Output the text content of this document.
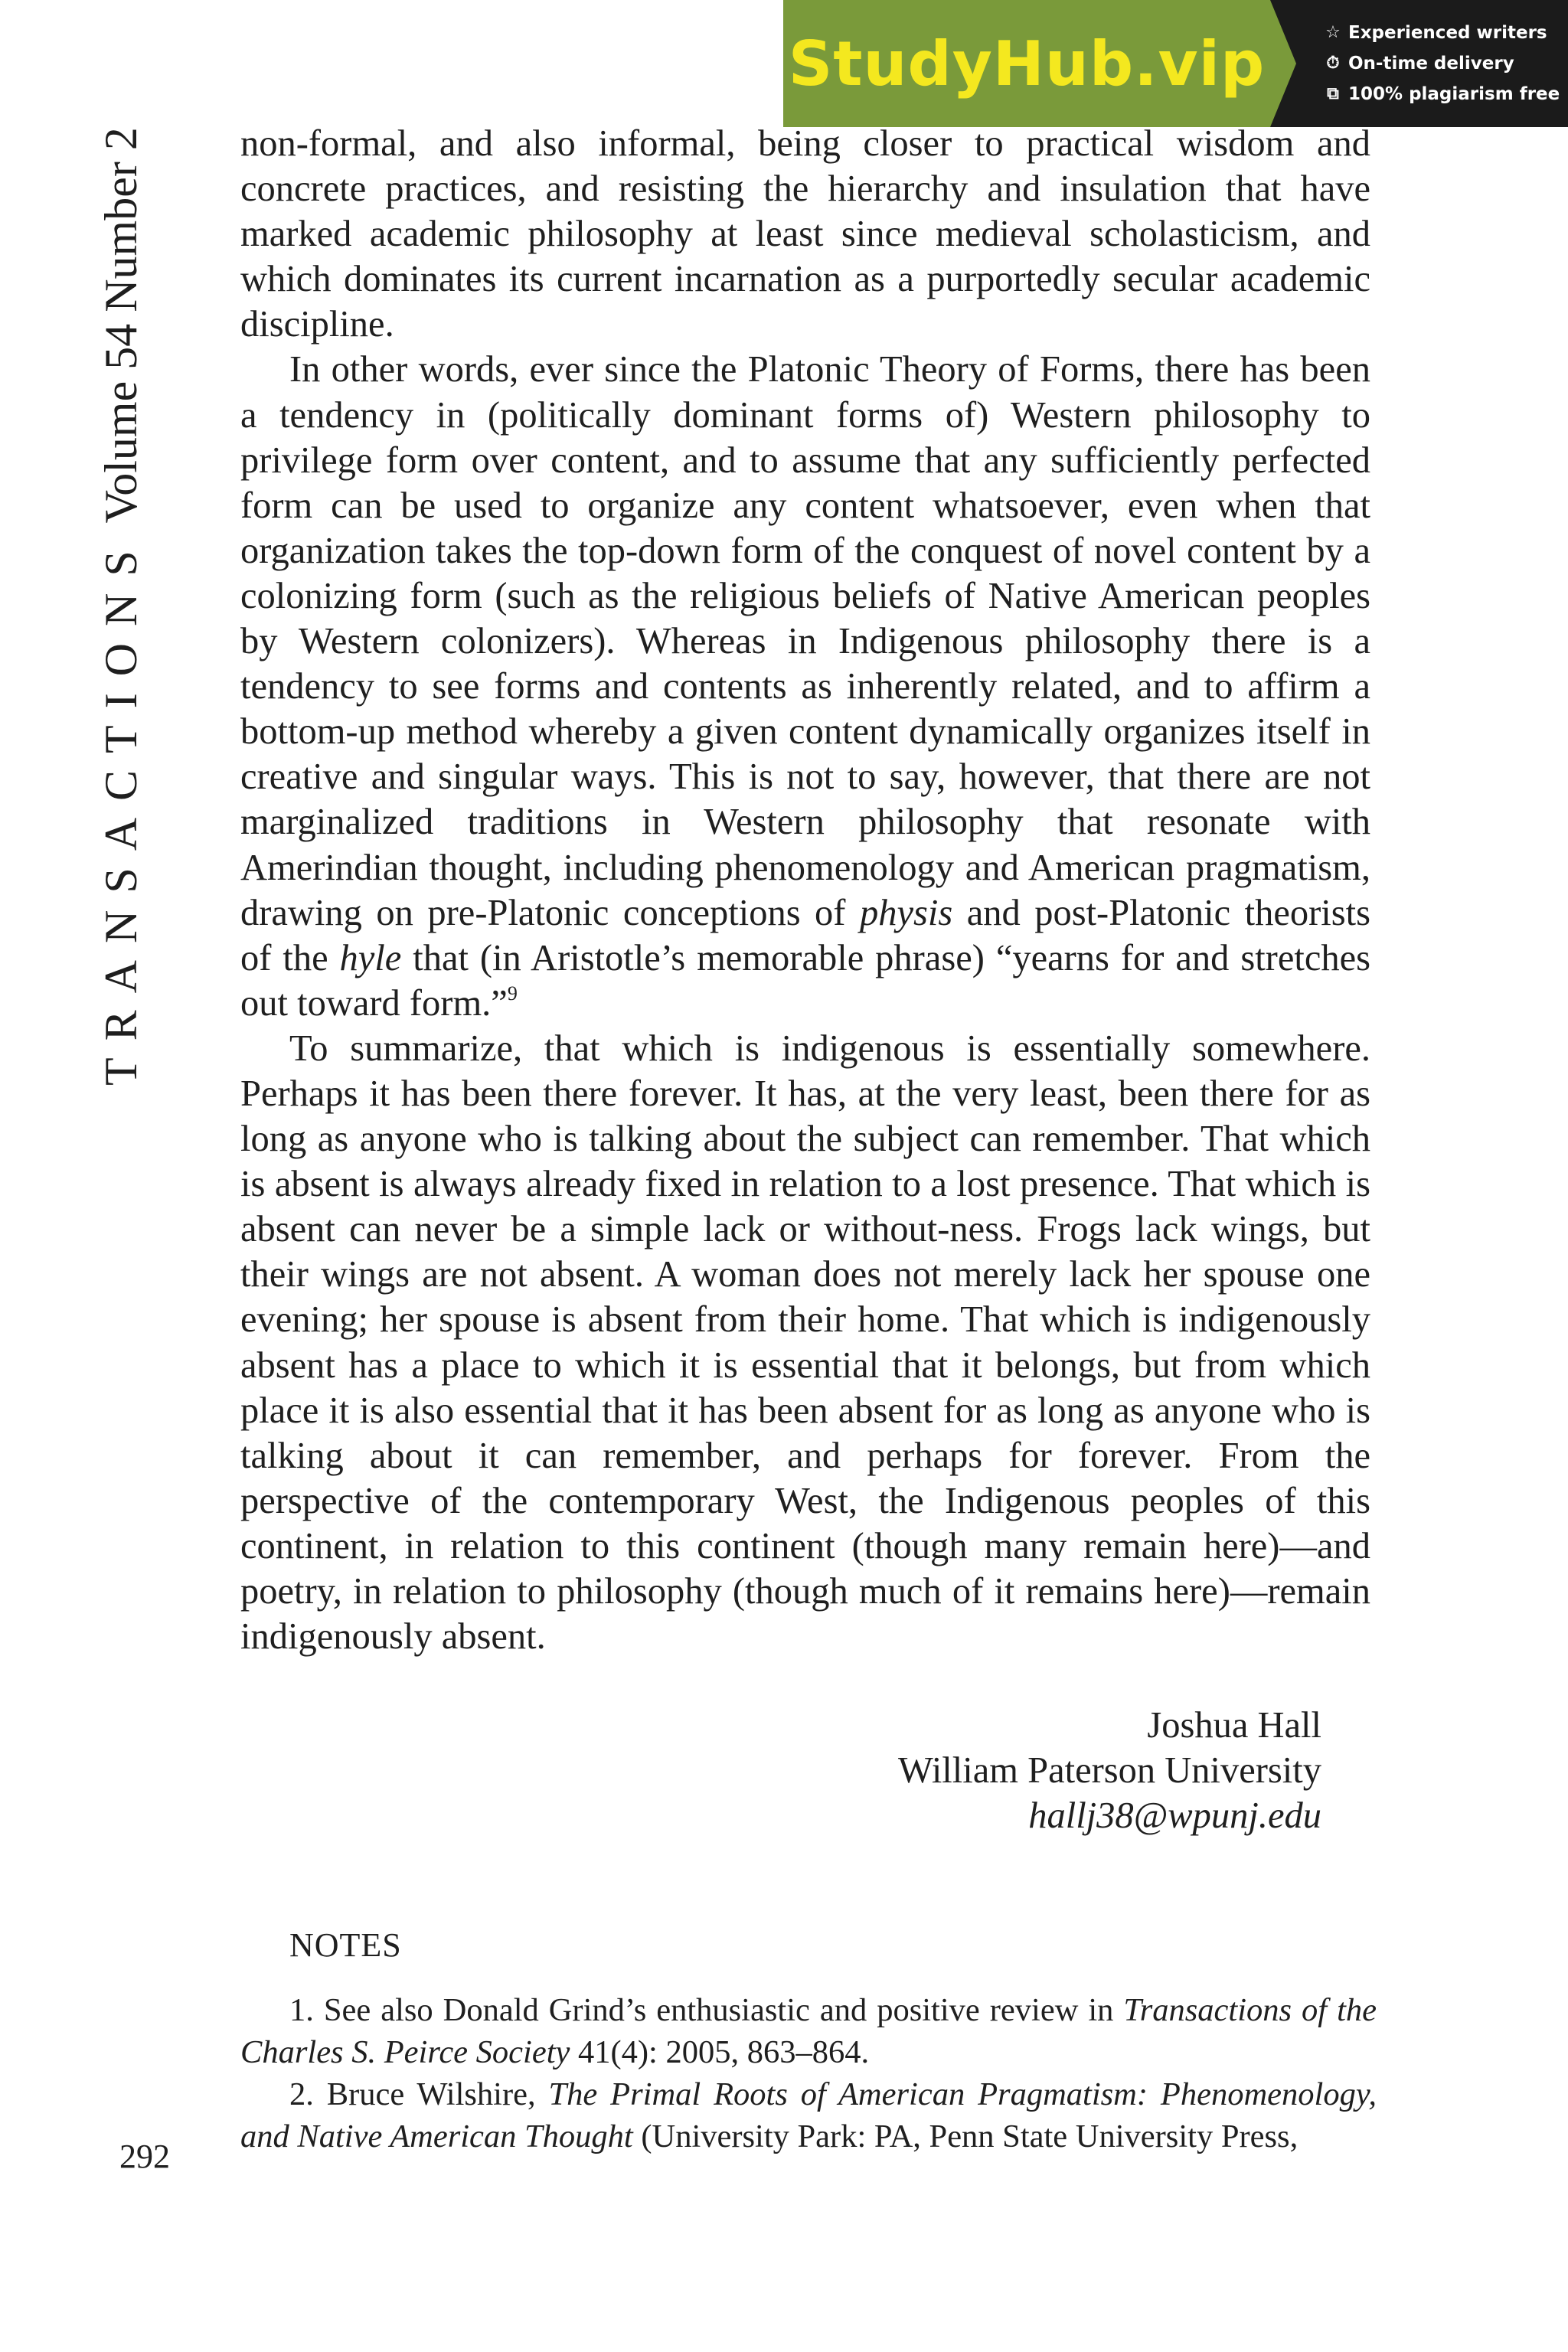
StudyHub.vip	☆ Experienced writers
⏱ On-time delivery
⧉ 100% plagiarism free
TRANSACTIONS Volume 54 Number 2	non-formal, and also informal, being closer to practical wisdom and concrete practices, and resisting the hierarchy and insulation that have marked academic philosophy at least since medieval scholasticism, and which dominates its current incarnation as a purportedly secular academic discipline.

In other words, ever since the Platonic Theory of Forms, there has been a tendency in (politically dominant forms of) Western philosophy to privilege form over content, and to assume that any sufficiently perfected form can be used to organize any content whatsoever, even when that organization takes the top-down form of the conquest of novel content by a colonizing form (such as the religious beliefs of Native American peoples by Western colonizers). Whereas in Indigenous philosophy there is a tendency to see forms and contents as inherently related, and to affirm a bottom-up method whereby a given content dynamically organizes itself in creative and singular ways. This is not to say, however, that there are not marginalized traditions in Western philosophy that resonate with Amerindian thought, including phenomenology and American pragmatism, drawing on pre-Platonic conceptions of physis and post-Platonic theorists of the hyle that (in Aristotle’s memorable phrase) “yearns for and stretches out toward form.”$^9$

To summarize, that which is indigenous is essentially somewhere. Perhaps it has been there forever. It has, at the very least, been there for as long as anyone who is talking about the subject can remember. That which is absent is always already fixed in relation to a lost presence. That which is absent can never be a simple lack or without-ness. Frogs lack wings, but their wings are not absent. A woman does not merely lack her spouse one evening; her spouse is absent from their home. That which is indigenously absent has a place to which it is essential that it belongs, but from which place it is also essential that it has been absent for as long as anyone who is talking about it can remember, and perhaps for forever. From the perspective of the contemporary West, the Indigenous peoples of this continent, in relation to this continent (though many remain here)—and poetry, in relation to philosophy (though much of it remains here)—remain indigenously absent.

Joshua Hall
William Paterson University
hallj38@wpunj.edu
NOTES

1. See also Donald Grind’s enthusiastic and positive review in Transactions of the Charles S. Peirce Society 41(4): 2005, 863–864.

2. Bruce Wilshire, The Primal Roots of American Pragmatism: Phenomenology, and Native American Thought (University Park: PA, Penn State University Press,

292
